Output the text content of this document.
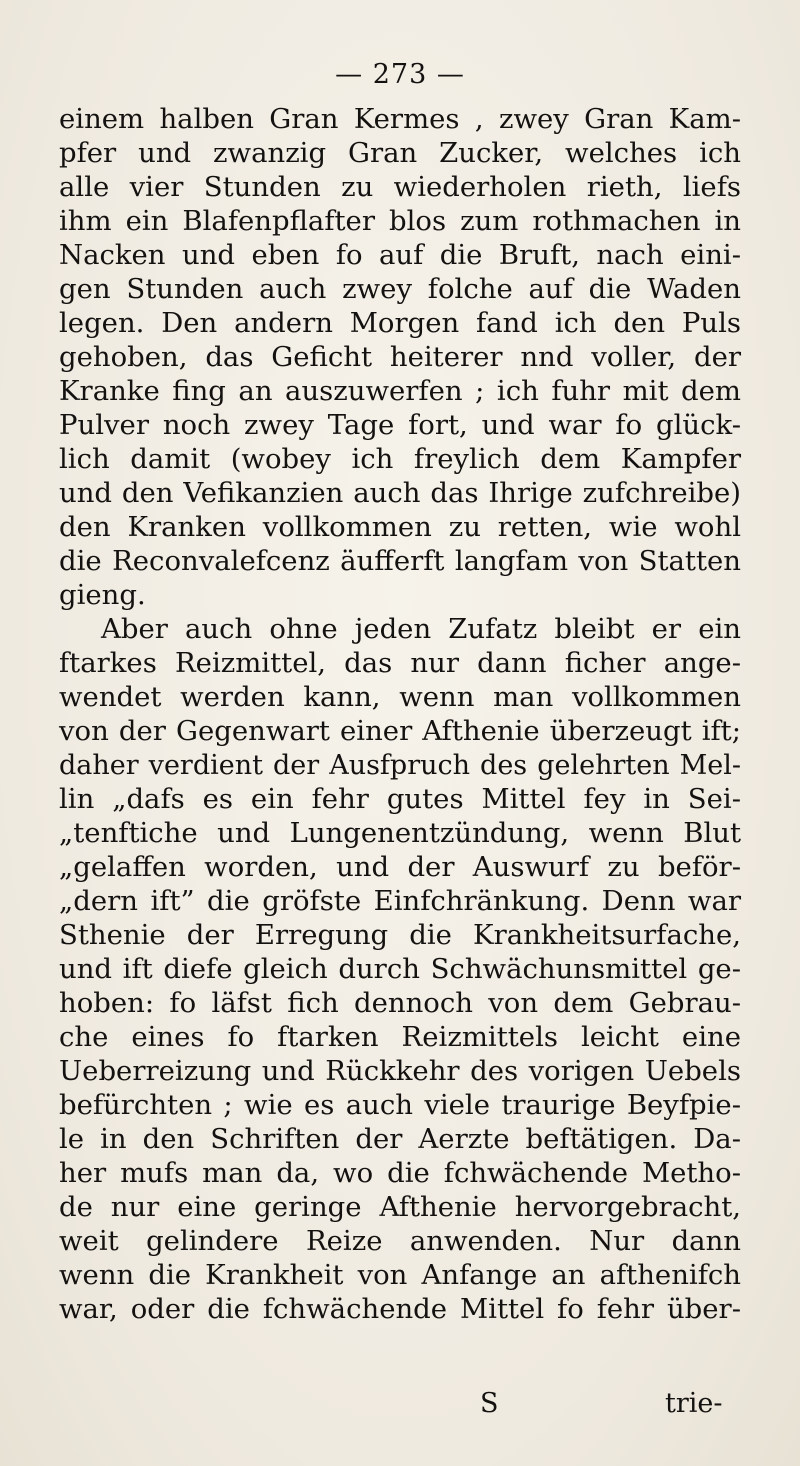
— 273 —
einem halben Gran Kermes , zwey Gran Kam-
pfer und zwanzig Gran Zucker, welches ich
alle vier Stunden zu wiederholen rieth, liefs
ihm ein Blafenpflafter blos zum rothmachen in
Nacken und eben fo auf die Bruft, nach eini-
gen Stunden auch zwey folche auf die Waden
legen. Den andern Morgen fand ich den Puls
gehoben, das Geficht heiterer nnd voller, der
Kranke fing an auszuwerfen ; ich fuhr mit dem
Pulver noch zwey Tage fort, und war fo glück-
lich damit (wobey ich freylich dem Kampfer
und den Vefikanzien auch das Ihrige zufchreibe)
den Kranken vollkommen zu retten, wie wohl
die Reconvalefcenz äufferft langfam von Statten
gieng.
Aber auch ohne jeden Zufatz bleibt er ein
ftarkes Reizmittel, das nur dann ficher ange-
wendet werden kann, wenn man vollkommen
von der Gegenwart einer Afthenie überzeugt ift;
daher verdient der Ausfpruch des gelehrten Mel-
lin „dafs es ein fehr gutes Mittel fey in Sei-
„tenftiche und Lungenentzündung, wenn Blut
„gelaffen worden, und der Auswurf zu beför-
„dern ift” die gröfste Einfchränkung. Denn war
Sthenie der Erregung die Krankheitsurfache,
und ift diefe gleich durch Schwächunsmittel ge-
hoben: fo läfst fich dennoch von dem Gebrau-
che eines fo ftarken Reizmittels leicht eine
Ueberreizung und Rückkehr des vorigen Uebels
befürchten ; wie es auch viele traurige Beyfpie-
le in den Schriften der Aerzte beftätigen. Da-
her mufs man da, wo die fchwächende Metho-
de nur eine geringe Afthenie hervorgebracht,
weit gelindere Reize anwenden. Nur dann
wenn die Krankheit von Anfange an afthenifch
war, oder die fchwächende Mittel fo fehr über-
S	trie-
